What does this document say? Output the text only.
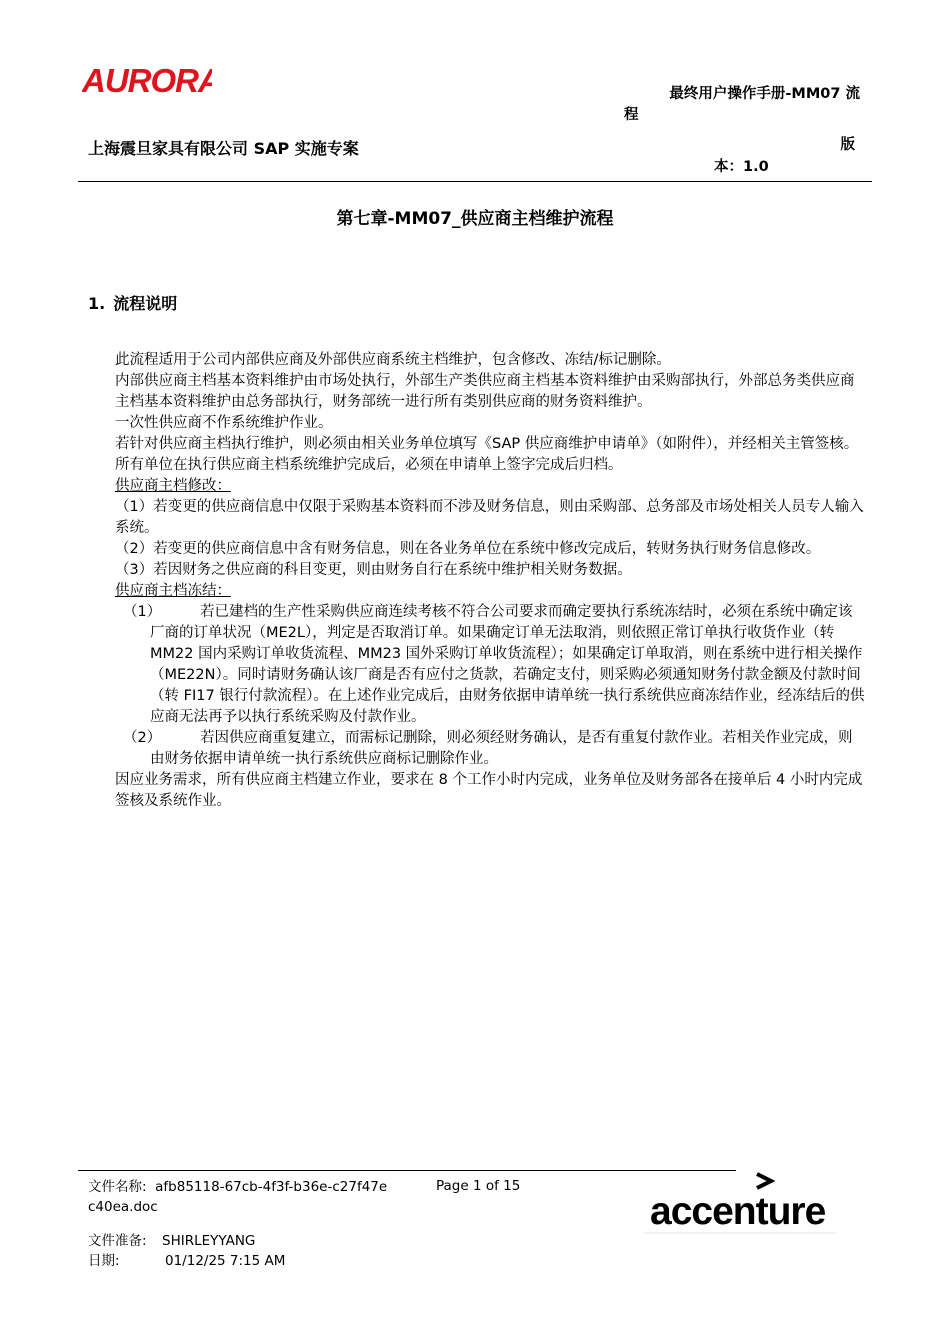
AURORA	最终用户操作手册-MM07 流
程
上海震旦家具有限公司 SAP 实施专案	版
本：1.0
第七章-MM07_供应商主档维护流程
1. 流程说明

此流程适用于公司内部供应商及外部供应商系统主档维护，包含修改、冻结/标记删除。

内部供应商主档基本资料维护由市场处执行，外部生产类供应商主档基本资料维护由采购部执行，外部总务类供应商主档基本资料维护由总务部执行，财务部统一进行所有类别供应商的财务资料维护。

一次性供应商不作系统维护作业。

若针对供应商主档执行维护，则必须由相关业务单位填写《SAP 供应商维护申请单》（如附件），并经相关主管签核。所有单位在执行供应商主档系统维护完成后，必须在申请单上签字完成后归档。

供应商主档修改：

（1）若变更的供应商信息中仅限于采购基本资料而不涉及财务信息，则由采购部、总务部及市场处相关人员专人输入系统。

（2）若变更的供应商信息中含有财务信息，则在各业务单位在系统中修改完成后，转财务执行财务信息修改。

（3）若因财务之供应商的科目变更，则由财务自行在系统中维护相关财务数据。

供应商主档冻结：

（1）	若已建档的生产性采购供应商连续考核不符合公司要求而确定要执行系统冻结时，必须在系统中确定该厂商的订单状况（ME2L），判定是否取消订单。如果确定订单无法取消，则依照正常订单执行收货作业（转 MM22 国内采购订单收货流程、MM23 国外采购订单收货流程）；如果确定订单取消，则在系统中进行相关操作（ME22N）。同时请财务确认该厂商是否有应付之货款，若确定支付，则采购必须通知财务付款金额及付款时间（转 FI17 银行付款流程）。在上述作业完成后，由财务依据申请单统一执行系统供应商冻结作业，经冻结后的供应商无法再予以执行系统采购及付款作业。

（2）	若因供应商重复建立，而需标记删除，则必须经财务确认，是否有重复付款作业。若相关作业完成，则由财务依据申请单统一执行系统供应商标记删除作业。

因应业务需求，所有供应商主档建立作业，要求在 8 个工作小时内完成，业务单位及财务部各在接单后 4 小时内完成签核及系统作业。

文件名称: afb85118-67cb-4f3f-b36e-c27f47ec40ea.doc
Page 1 of 15
文件准备: SHIRLEYYANG
日期:	01/12/25 7:15 AM
accenture
